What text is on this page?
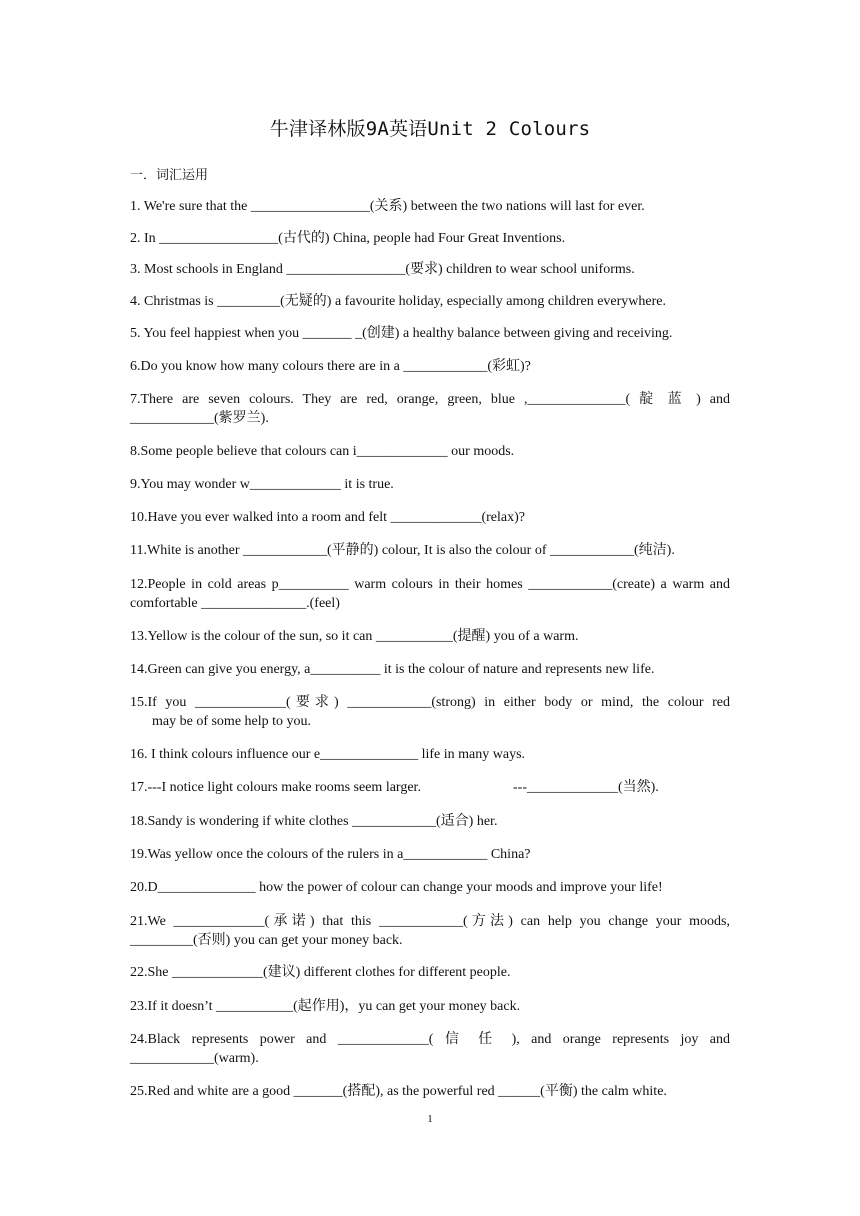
牛津译林版9A英语Unit 2 Colours
一．词汇运用
1. We're sure that the _________________(关系) between the two nations will last for ever.
2. In _________________(古代的) China, people had Four Great Inventions.
3. Most schools in England _________________(要求) children to wear school uniforms.
4. Christmas is _________(无疑的) a favourite holiday, especially among children everywhere.
5. You feel happiest when you _______ _(创建) a healthy balance between giving and receiving.
6.Do you know how many colours there are in a ____________(彩虹)?
7.There are seven colours. They are red, orange, green, blue ,______________( 靛 蓝 ) and ____________(紫罗兰).
8.Some people believe that colours can i_____________ our moods.
9.You may wonder w_____________ it is true.
10.Have you ever walked into a room and felt _____________(relax)?
11.White is another ____________(平静的) colour, It is also the colour of ____________(纯洁).
12.People in cold areas p__________ warm colours in their homes ____________(create) a warm and comfortable _______________.(feel)
13.Yellow is the colour of the sun, so it can ___________(提醒) you of a warm.
14.Green can give you energy, a__________ it is the colour of nature and represents new life.
15.If you _____________(要求) ____________(strong) in either body or mind, the colour red
may be of some help to you.
16. I think colours influence our e______________ life in many ways.
17.---I notice light colours make rooms seem larger.	---_____________(当然).
18.Sandy is wondering if white clothes ____________(适合) her.
19.Was yellow once the colours of the rulers in a____________ China?
20.D______________ how the power of colour can change your moods and improve your life!
21.We _____________(承诺) that this ____________(方法) can help you change your moods, _________(否则) you can get your money back.
22.She _____________(建议) different clothes for different people.
23.If it doesn’t ___________(起作用)，yu can get your money back.
24.Black represents power and _____________( 信 任 ), and orange represents joy and ____________(warm).
25.Red and white are a good _______(搭配), as the powerful red ______(平衡) the calm white.
1
